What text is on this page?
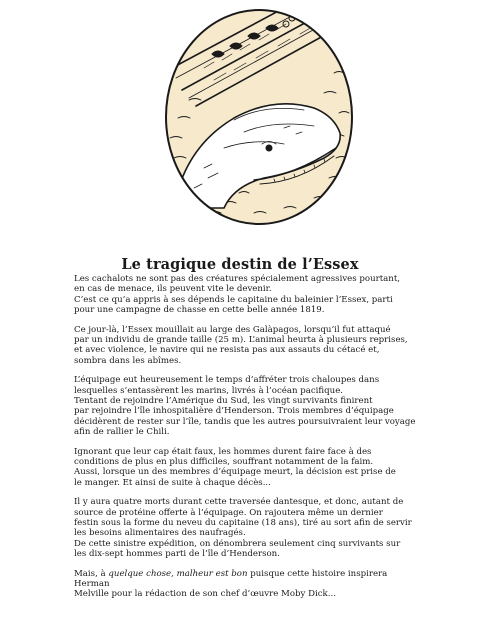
Le tragique destin de l’Essex

Les cachalots ne sont pas des créatures spécialement agressives pourtant,
en cas de menace, ils peuvent vite le devenir.
C’est ce qu’a appris à ses dépends le capitaine du baleinier l’Essex, parti
pour une campagne de chasse en cette belle année 1819.

Ce jour-là, l’Essex mouillait au large des Galàpagos, lorsqu’il fut attaqué
par un individu de grande taille (25 m). L’animal heurta à plusieurs reprises,
et avec violence, le navire qui ne resista pas aux assauts du cétacé et,
sombra dans les abîmes.

L’équipage eut heureusement le temps d’affréter trois chaloupes dans
lesquelles s’entassèrent les marins, livrés à l’océan pacifique.
Tentant de rejoindre l’Amérique du Sud, les vingt survivants finirent
par rejoindre l’île inhospitalière d’Henderson. Trois membres d’équipage
décidèrent de rester sur l’île, tandis que les autres poursuivraient leur voyage
afin de rallier le Chili.

Ignorant que leur cap était faux, les hommes durent faire face à des
conditions de plus en plus difficiles, souffrant notamment de la faim.
Aussi, lorsque un des membres d’équipage meurt, la décision est prise de
le manger. Et ainsi de suite à chaque décès...

Il y aura quatre morts durant cette traversée dantesque, et donc, autant de
source de protéine offerte à l’équipage. On rajoutera même un dernier
festin sous la forme du neveu du capitaine (18 ans), tiré au sort afin de servir
les besoins alimentaires des naufragés.
De cette sinistre expédition, on dénombrera seulement cinq survivants sur
les dix-sept hommes parti de l’île d’Henderson.

Mais, à quelque chose, malheur est bon puisque cette histoire inspirera Herman
Melville pour la rédaction de son chef d’œuvre Moby Dick...
